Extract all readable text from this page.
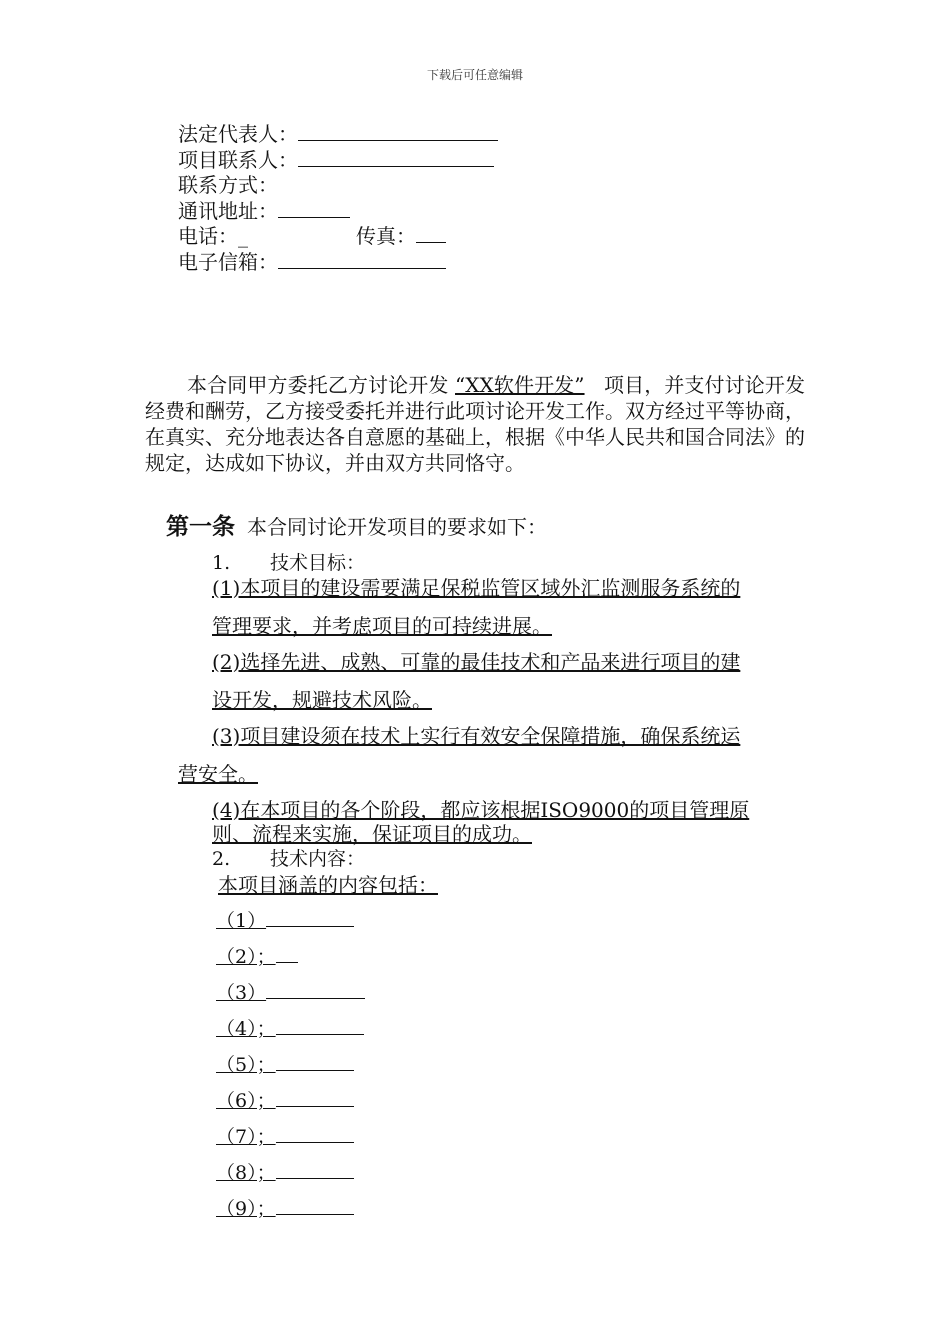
下载后可任意编辑
法定代表人：
项目联系人：
联系方式：
通讯地址：
电话：_	传真：
电子信箱：
本合同甲方委托乙方讨论开发 “XX软件开发” 项目，并支付讨论开发经费和酬劳，乙方接受委托并进行此项讨论开发工作。双方经过平等协商，在真实、充分地表达各自意愿的基础上，根据《中华人民共和国合同法》的规定，达成如下协议，并由双方共同恪守。
第一条 本合同讨论开发项目的要求如下：
1. 技术目标：
(1)本项目的建设需要满足保税监管区域外汇监测服务系统的
管理要求，并考虑项目的可持续进展。
(2)选择先进、成熟、可靠的最佳技术和产品来进行项目的建
设开发，规避技术风险。
(3)项目建设须在技术上实行有效安全保障措施，确保系统运
营安全。
(4)在本项目的各个阶段，都应该根据ISO9000的项目管理原
则、流程来实施，保证项目的成功。
2. 技术内容：
本项目涵盖的内容包括：
（1）
（2）；
（3）
（4）；
（5）；
（6）；
（7）；
（8）；
（9）；
